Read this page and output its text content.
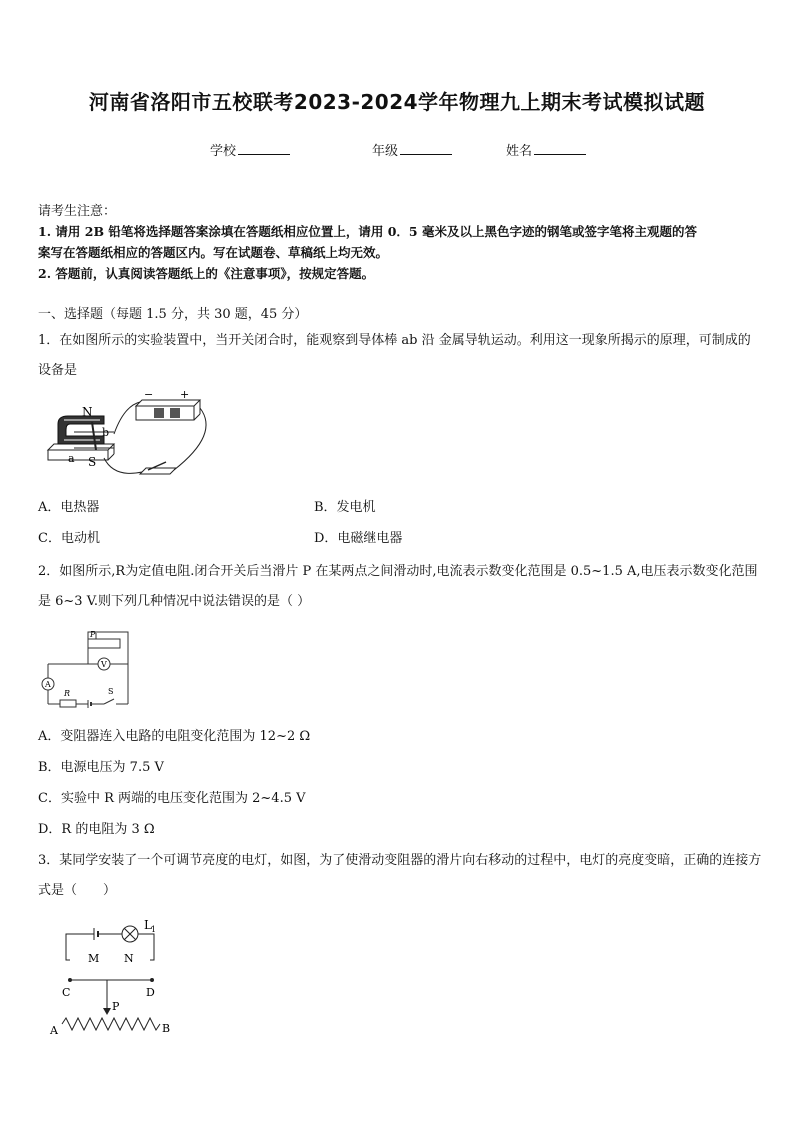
河南省洛阳市五校联考2023-2024学年物理九上期末考试模拟试题
学校	年级	姓名
请考生注意：
1. 请用 2B 铅笔将选择题答案涂填在答题纸相应位置上，请用 0．5 毫米及以上黑色字迹的钢笔或签字笔将主观题的答
案写在答题纸相应的答题区内。写在试题卷、草稿纸上均无效。
2. 答题前，认真阅读答题纸上的《注意事项》，按规定答题。
一、选择题（每题 1.5 分，共 30 题，45 分）
1．在如图所示的实验装置中，当开关闭合时，能观察到导体棒 ab 沿 金属导轨运动。利用这一现象所揭示的原理，可制成的设备是
N
b
a S
− +
A．电热器	B．发电机
C．电动机	D．电磁继电器
2．如图所示,R为定值电阻.闭合开关后当滑片 P 在某两点之间滑动时,电流表示数变化范围是 0.5~1.5 A,电压表示数变化范围是 6~3 V.则下列几种情况中说法错误的是（ ）
P
V
A
R	S
A．变阻器连入电路的电阻变化范围为 12~2 Ω
B．电源电压为 7.5 V
C．实验中 R 两端的电压变化范围为 2~4.5 V
D．R 的电阻为 3 Ω
3．某同学安装了一个可调节亮度的电灯，如图，为了使滑动变阻器的滑片向右移动的过程中，电灯的亮度变暗，正确的连接方式是（　　）
L 1
M N
C	D
P
A	B
